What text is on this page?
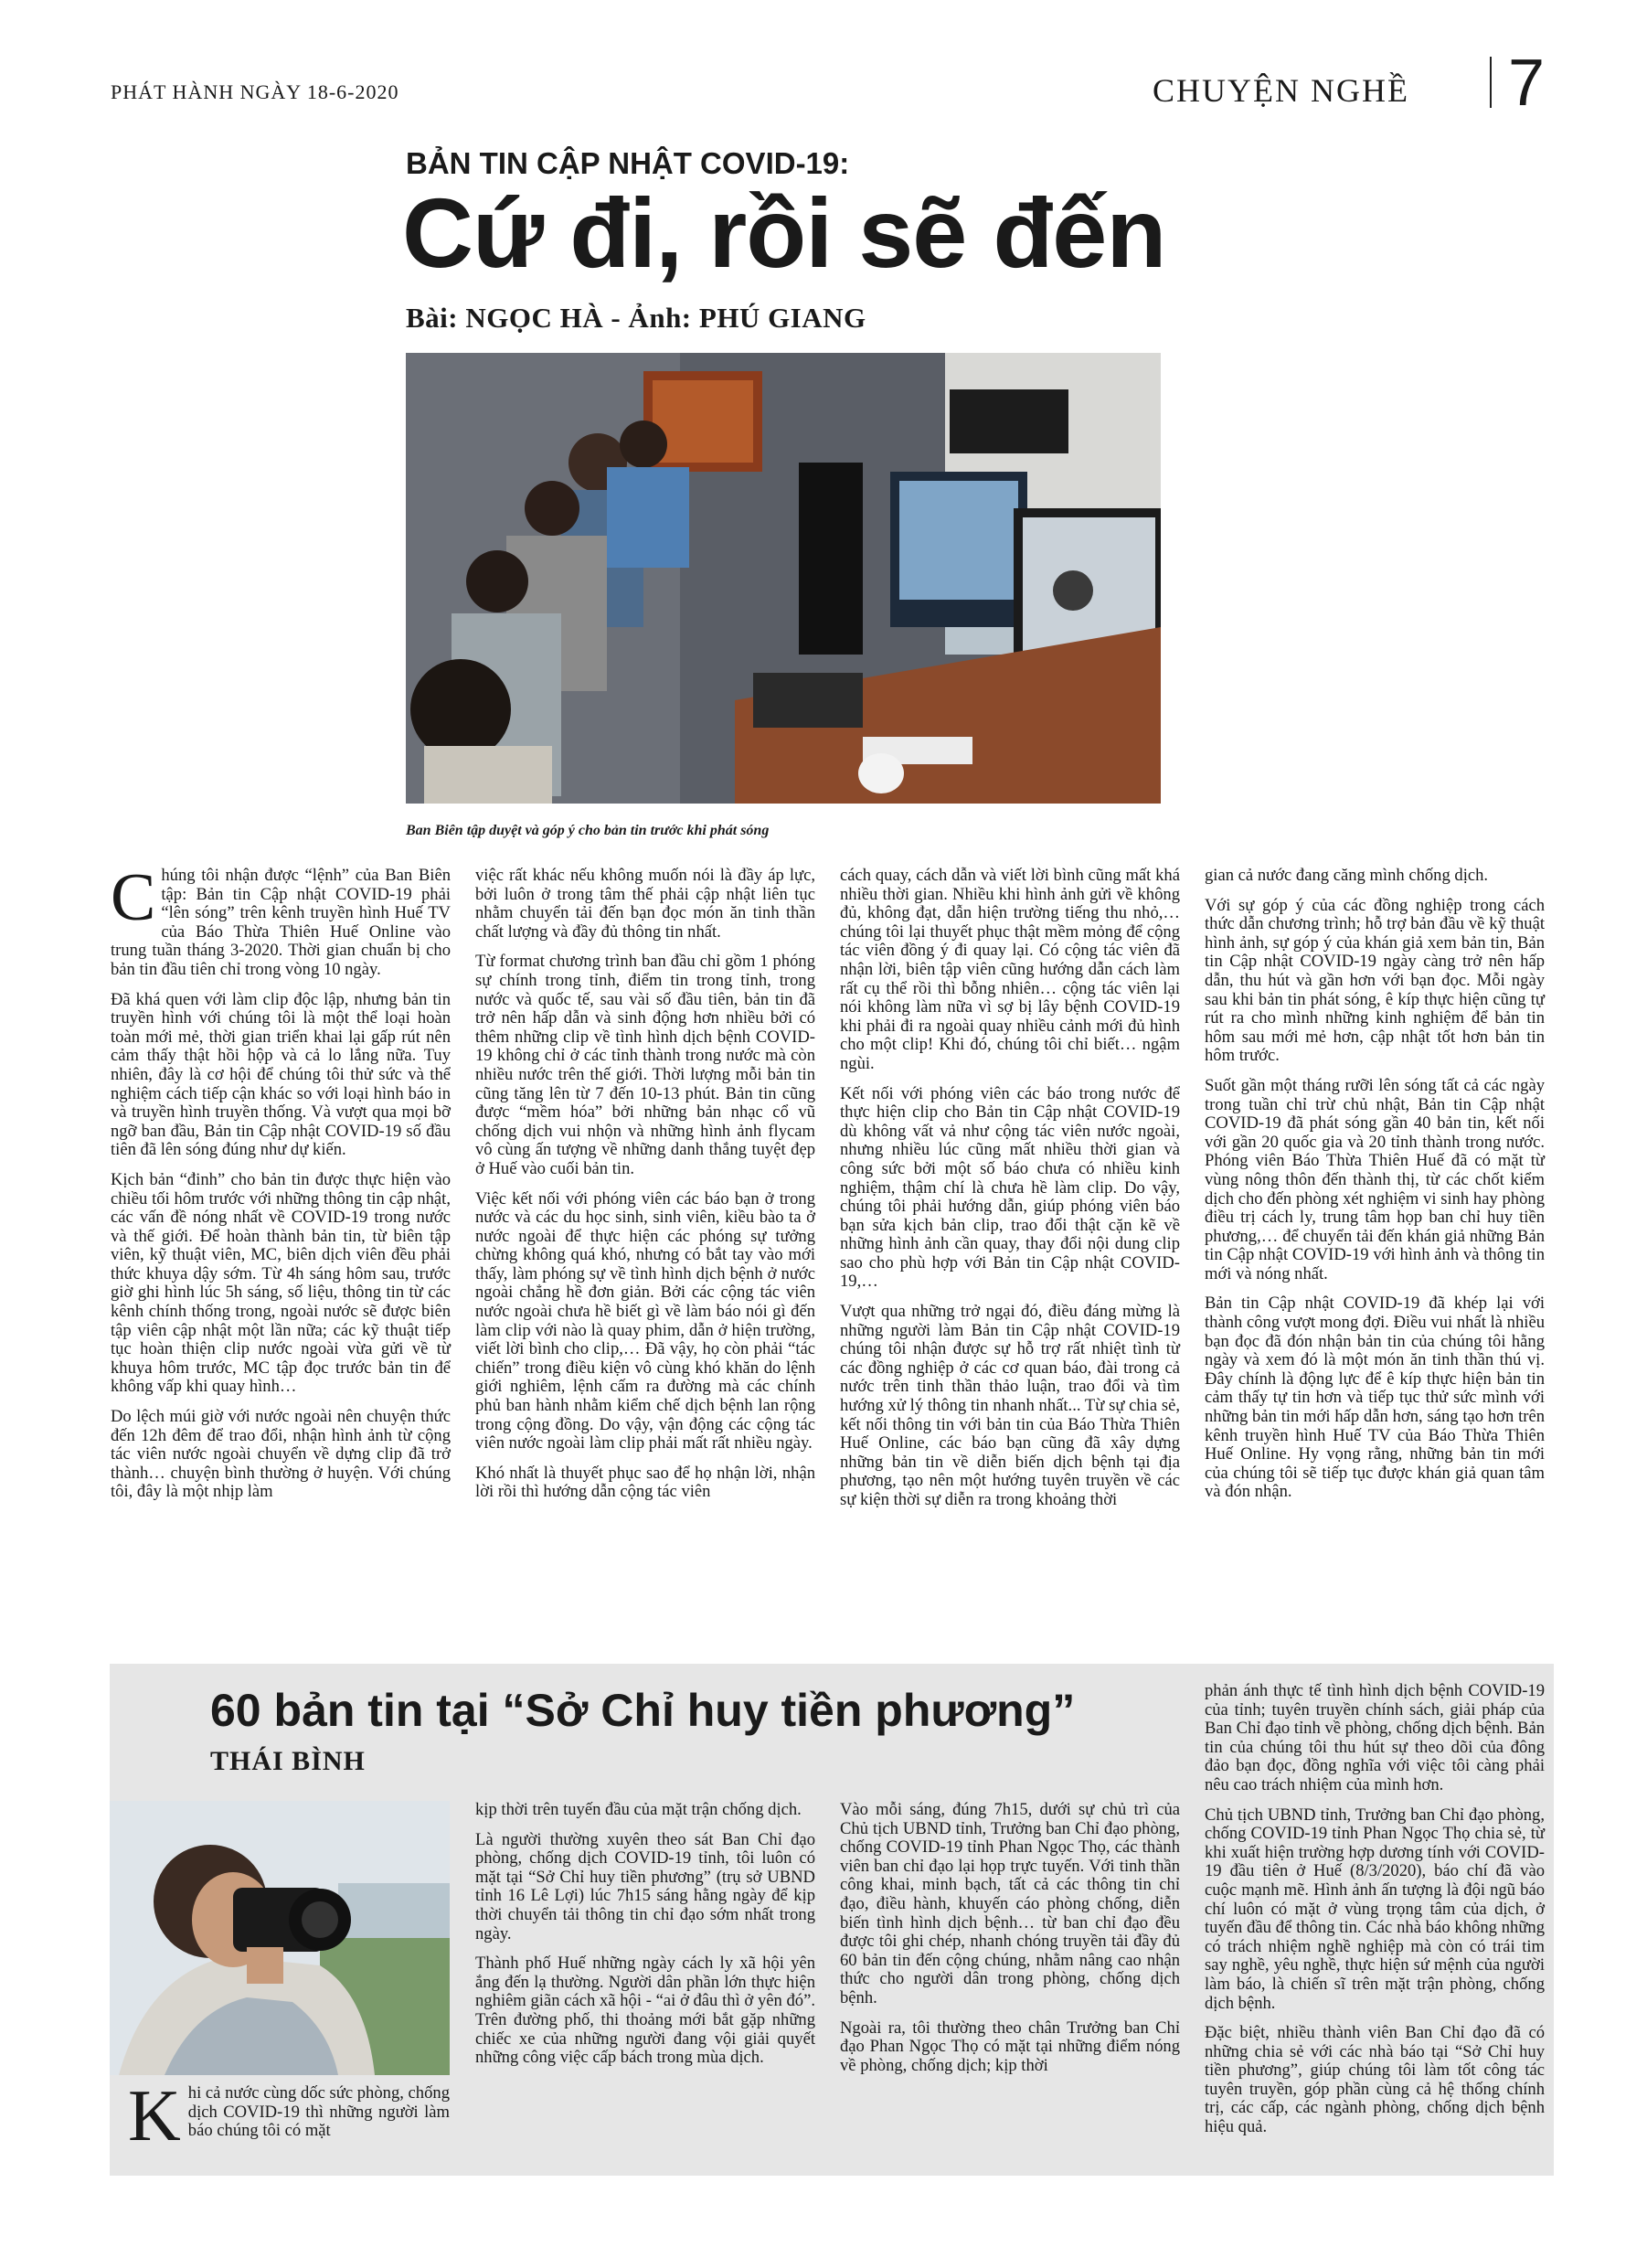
PHÁT HÀNH NGÀY 18-6-2020	CHUYỆN NGHỀ 7
BẢN TIN CẬP NHẬT COVID-19:
Cứ đi, rồi sẽ đến
Bài: NGỌC HÀ - Ảnh: PHÚ GIANG
Ban Biên tập duyệt và góp ý cho bản tin trước khi phát sóng
C húng tôi nhận được “lệnh” của Ban Biên tập: Bản tin Cập nhật COVID-19 phải “lên sóng” trên kênh truyền hình Huế TV của Báo Thừa Thiên Huế Online vào trung tuần tháng 3-2020. Thời gian chuẩn bị cho bản tin đầu tiên chỉ trong vòng 10 ngày.

Đã khá quen với làm clip độc lập, nhưng bản tin truyền hình với chúng tôi là một thể loại hoàn toàn mới mẻ, thời gian triển khai lại gấp rút nên cảm thấy thật hồi hộp và cả lo lắng nữa. Tuy nhiên, đây là cơ hội để chúng tôi thử sức và thể nghiệm cách tiếp cận khác so với loại hình báo in và truyền hình truyền thống. Và vượt qua mọi bỡ ngỡ ban đầu, Bản tin Cập nhật COVID-19 số đầu tiên đã lên sóng đúng như dự kiến.

Kịch bản “đinh” cho bản tin được thực hiện vào chiều tối hôm trước với những thông tin cập nhật, các vấn đề nóng nhất về COVID-19 trong nước và thế giới. Để hoàn thành bản tin, từ biên tập viên, kỹ thuật viên, MC, biên dịch viên đều phải thức khuya dậy sớm. Từ 4h sáng hôm sau, trước giờ ghi hình lúc 5h sáng, số liệu, thông tin từ các kênh chính thống trong, ngoài nước sẽ được biên tập viên cập nhật một lần nữa; các kỹ thuật tiếp tục hoàn thiện clip nước ngoài vừa gửi về từ khuya hôm trước, MC tập đọc trước bản tin để không vấp khi quay hình…

Do lệch múi giờ với nước ngoài nên chuyện thức đến 12h đêm để trao đổi, nhận hình ảnh từ cộng tác viên nước ngoài chuyển về dựng clip đã trở thành… chuyện bình thường ở huyện. Với chúng tôi, đây là một nhịp làm

việc rất khác nếu không muốn nói là đầy áp lực, bởi luôn ở trong tâm thế phải cập nhật liên tục nhằm chuyển tải đến bạn đọc món ăn tinh thần chất lượng và đầy đủ thông tin nhất.

Từ format chương trình ban đầu chỉ gồm 1 phóng sự chính trong tỉnh, điểm tin trong tỉnh, trong nước và quốc tế, sau vài số đầu tiên, bản tin đã trở nên hấp dẫn và sinh động hơn nhiều bởi có thêm những clip về tình hình dịch bệnh COVID-19 không chỉ ở các tỉnh thành trong nước mà còn nhiều nước trên thế giới. Thời lượng mỗi bản tin cũng tăng lên từ 7 đến 10-13 phút. Bản tin cũng được “mềm hóa” bởi những bản nhạc cổ vũ chống dịch vui nhộn và những hình ảnh flycam vô cùng ấn tượng về những danh thắng tuyệt đẹp ở Huế vào cuối bản tin.

Việc kết nối với phóng viên các báo bạn ở trong nước và các du học sinh, sinh viên, kiều bào ta ở nước ngoài để thực hiện các phóng sự tưởng chừng không quá khó, nhưng có bắt tay vào mới thấy, làm phóng sự về tình hình dịch bệnh ở nước ngoài chẳng hề đơn giản. Bởi các cộng tác viên nước ngoài chưa hề biết gì về làm báo nói gì đến làm clip với nào là quay phim, dẫn ở hiện trường, viết lời bình cho clip,… Đã vậy, họ còn phải “tác chiến” trong điều kiện vô cùng khó khăn do lệnh giới nghiêm, lệnh cấm ra đường mà các chính phủ ban hành nhằm kiểm chế dịch bệnh lan rộng trong cộng đồng. Do vậy, vận động các cộng tác viên nước ngoài làm clip phải mất rất nhiều ngày.

Khó nhất là thuyết phục sao để họ nhận lời, nhận lời rồi thì hướng dẫn cộng tác viên

cách quay, cách dẫn và viết lời bình cũng mất khá nhiều thời gian. Nhiều khi hình ảnh gửi về không đủ, không đạt, dẫn hiện trường tiếng thu nhỏ,… chúng tôi lại thuyết phục thật mềm mỏng để cộng tác viên đồng ý đi quay lại. Có cộng tác viên đã nhận lời, biên tập viên cũng hướng dẫn cách làm rất cụ thể rồi thì bỗng nhiên… cộng tác viên lại nói không làm nữa vì sợ bị lây bệnh COVID-19 khi phải đi ra ngoài quay nhiều cảnh mới đủ hình cho một clip! Khi đó, chúng tôi chỉ biết… ngậm ngùi.

Kết nối với phóng viên các báo trong nước để thực hiện clip cho Bản tin Cập nhật COVID-19 dù không vất vả như cộng tác viên nước ngoài, nhưng nhiều lúc cũng mất nhiều thời gian và công sức bởi một số báo chưa có nhiều kinh nghiệm, thậm chí là chưa hề làm clip. Do vậy, chúng tôi phải hướng dẫn, giúp phóng viên báo bạn sửa kịch bản clip, trao đổi thật cặn kẽ về những hình ảnh cần quay, thay đổi nội dung clip sao cho phù hợp với Bản tin Cập nhật COVID-19,…

Vượt qua những trở ngại đó, điều đáng mừng là những người làm Bản tin Cập nhật COVID-19 chúng tôi nhận được sự hỗ trợ rất nhiệt tình từ các đồng nghiệp ở các cơ quan báo, đài trong cả nước trên tinh thần thảo luận, trao đổi và tìm hướng xử lý thông tin nhanh nhất... Từ sự chia sẻ, kết nối thông tin với bản tin của Báo Thừa Thiên Huế Online, các báo bạn cũng đã xây dựng những bản tin về diễn biến dịch bệnh tại địa phương, tạo nên một hướng tuyên truyền về các sự kiện thời sự diễn ra trong khoảng thời

gian cả nước đang căng mình chống dịch.

Với sự góp ý của các đồng nghiệp trong cách thức dẫn chương trình; hỗ trợ bản đầu về kỹ thuật hình ảnh, sự góp ý của khán giả xem bản tin, Bản tin Cập nhật COVID-19 ngày càng trở nên hấp dẫn, thu hút và gần hơn với bạn đọc. Mỗi ngày sau khi bản tin phát sóng, ê kíp thực hiện cũng tự rút ra cho mình những kinh nghiệm để bản tin hôm sau mới mẻ hơn, cập nhật tốt hơn bản tin hôm trước.

Suốt gần một tháng rưỡi lên sóng tất cả các ngày trong tuần chỉ trừ chủ nhật, Bản tin Cập nhật COVID-19 đã phát sóng gần 40 bản tin, kết nối với gần 20 quốc gia và 20 tỉnh thành trong nước. Phóng viên Báo Thừa Thiên Huế đã có mặt từ vùng nông thôn đến thành thị, từ các chốt kiểm dịch cho đến phòng xét nghiệm vi sinh hay phòng điều trị cách ly, trung tâm họp ban chỉ huy tiền phương,… để chuyển tải đến khán giả những Bản tin Cập nhật COVID-19 với hình ảnh và thông tin mới và nóng nhất.

Bản tin Cập nhật COVID-19 đã khép lại với thành công vượt mong đợi. Điều vui nhất là nhiều bạn đọc đã đón nhận bản tin của chúng tôi hằng ngày và xem đó là một món ăn tinh thần thú vị. Đây chính là động lực để ê kíp thực hiện bản tin cảm thấy tự tin hơn và tiếp tục thử sức mình với những bản tin mới hấp dẫn hơn, sáng tạo hơn trên kênh truyền hình Huế TV của Báo Thừa Thiên Huế Online. Hy vọng rằng, những bản tin mới của chúng tôi sẽ tiếp tục được khán giả quan tâm và đón nhận.

60 bản tin tại “Sở Chỉ huy tiền phương”
THÁI BÌNH
K hi cả nước cùng dốc sức phòng, chống dịch COVID-19 thì những người làm báo chúng tôi có mặt

kịp thời trên tuyến đầu của mặt trận chống dịch.

Là người thường xuyên theo sát Ban Chỉ đạo phòng, chống dịch COVID-19 tỉnh, tôi luôn có mặt tại “Sở Chỉ huy tiền phương” (trụ sở UBND tỉnh 16 Lê Lợi) lúc 7h15 sáng hằng ngày để kịp thời chuyển tải thông tin chỉ đạo sớm nhất trong ngày.

Thành phố Huế những ngày cách ly xã hội yên ắng đến lạ thường. Người dân phần lớn thực hiện nghiêm giãn cách xã hội - “ai ở đâu thì ở yên đó”. Trên đường phố, thi thoảng mới bắt gặp những chiếc xe của những người đang vội giải quyết những công việc cấp bách trong mùa dịch.

Vào mỗi sáng, đúng 7h15, dưới sự chủ trì của Chủ tịch UBND tỉnh, Trưởng ban Chỉ đạo phòng, chống COVID-19 tỉnh Phan Ngọc Thọ, các thành viên ban chỉ đạo lại họp trực tuyến. Với tinh thần công khai, minh bạch, tất cả các thông tin chỉ đạo, điều hành, khuyến cáo phòng chống, diễn biến tình hình dịch bệnh… từ ban chỉ đạo đều được tôi ghi chép, nhanh chóng truyền tải đầy đủ 60 bản tin đến cộng chúng, nhằm nâng cao nhận thức cho người dân trong phòng, chống dịch bệnh.

Ngoài ra, tôi thường theo chân Trưởng ban Chỉ đạo Phan Ngọc Thọ có mặt tại những điểm nóng về phòng, chống dịch; kịp thời

phản ánh thực tế tình hình dịch bệnh COVID-19 của tỉnh; tuyên truyền chính sách, giải pháp của Ban Chỉ đạo tỉnh về phòng, chống dịch bệnh. Bản tin của chúng tôi thu hút sự theo dõi của đông đảo bạn đọc, đồng nghĩa với việc tôi càng phải nêu cao trách nhiệm của mình hơn.

Chủ tịch UBND tỉnh, Trưởng ban Chỉ đạo phòng, chống COVID-19 tỉnh Phan Ngọc Thọ chia sẻ, từ khi xuất hiện trường hợp dương tính với COVID-19 đầu tiên ở Huế (8/3/2020), báo chí đã vào cuộc mạnh mẽ. Hình ảnh ấn tượng là đội ngũ báo chí luôn có mặt ở vùng trọng tâm của dịch, ở tuyến đầu để thông tin. Các nhà báo không những có trách nhiệm nghề nghiệp mà còn có trái tim say nghề, yêu nghề, thực hiện sứ mệnh của người làm báo, là chiến sĩ trên mặt trận phòng, chống dịch bệnh.

Đặc biệt, nhiều thành viên Ban Chỉ đạo đã có những chia sẻ với các nhà báo tại “Sở Chỉ huy tiền phương”, giúp chúng tôi làm tốt công tác tuyên truyền, góp phần cùng cả hệ thống chính trị, các cấp, các ngành phòng, chống dịch bệnh hiệu quả.
